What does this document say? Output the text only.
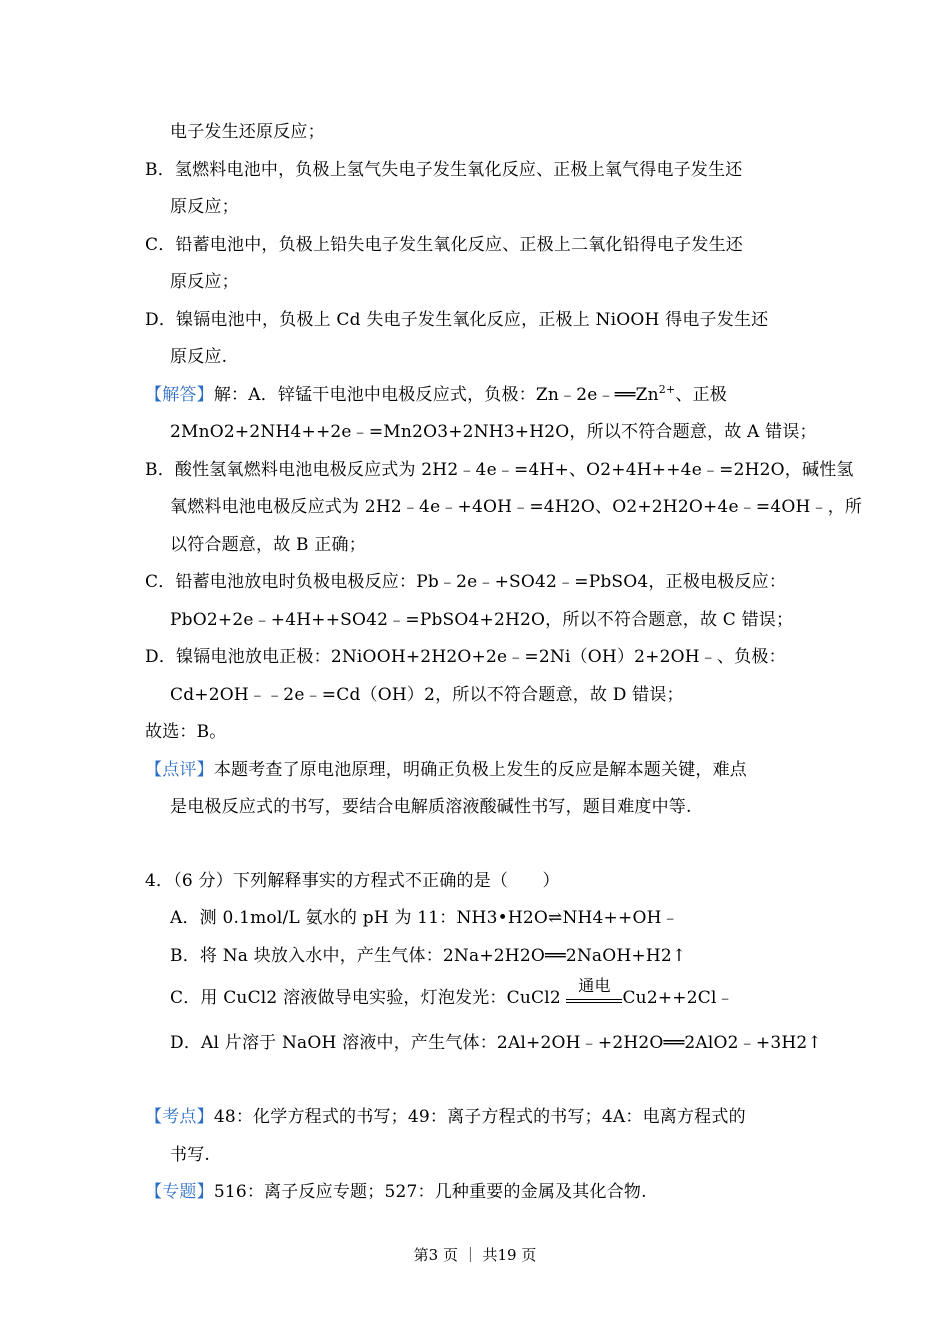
电子发生还原反应；
B．氢燃料电池中，负极上氢气失电子发生氧化反应、正极上氧气得电子发生还
原反应；
C．铅蓄电池中，负极上铅失电子发生氧化反应、正极上二氧化铅得电子发生还
原反应；
D．镍镉电池中，负极上 Cd 失电子发生氧化反应，正极上 NiOOH 得电子发生还
原反应.
【解答】解：A．锌锰干电池中电极反应式，负极：$Zn﹣2e﹣══Zn^{2+}$、正极
2MnO2+2NH4++2e﹣=Mn2O3+2NH3+H2O，所以不符合题意，故 A 错误；
B．酸性氢氧燃料电池电极反应式为 2H2﹣4e﹣=4H+、O2+4H++4e﹣=2H2O，碱性氢
氧燃料电池电极反应式为 2H2﹣4e﹣+4OH﹣=4H2O、O2+2H2O+4e﹣=4OH﹣，所
以符合题意，故 B 正确；
C．铅蓄电池放电时负极电极反应：Pb﹣2e﹣+SO42﹣=PbSO4，正极电极反应：
PbO2+2e﹣+4H++SO42﹣=PbSO4+2H2O，所以不符合题意，故 C 错误；
D．镍镉电池放电正极：2NiOOH+2H2O+2e﹣=2Ni（OH）2+2OH﹣、负极：
Cd+2OH﹣﹣2e﹣=Cd（OH）2，所以不符合题意，故 D 错误；
故选：B。
【点评】本题考查了原电池原理，明确正负极上发生的反应是解本题关键，难点
是电极反应式的书写，要结合电解质溶液酸碱性书写，题目难度中等.
4．（6 分）下列解释事实的方程式不正确的是（　　）
A．测 0.1mol/L 氨水的 pH 为 11：NH3•H2O⇌NH4++OH﹣
B．将 Na 块放入水中，产生气体：2Na+2H2O══2NaOH+H2↑
C．用 CuCl2 溶液做导电实验，灯泡发光：CuCl2
通电
Cu2++2Cl﹣
D．Al 片溶于 NaOH 溶液中，产生气体：2Al+2OH﹣+2H2O══2AlO2﹣+3H2↑
【考点】48：化学方程式的书写；49：离子方程式的书写；4A：电离方程式的
书写.
【专题】516：离子反应专题；527：几种重要的金属及其化合物.
第3 页 ｜ 共19 页
